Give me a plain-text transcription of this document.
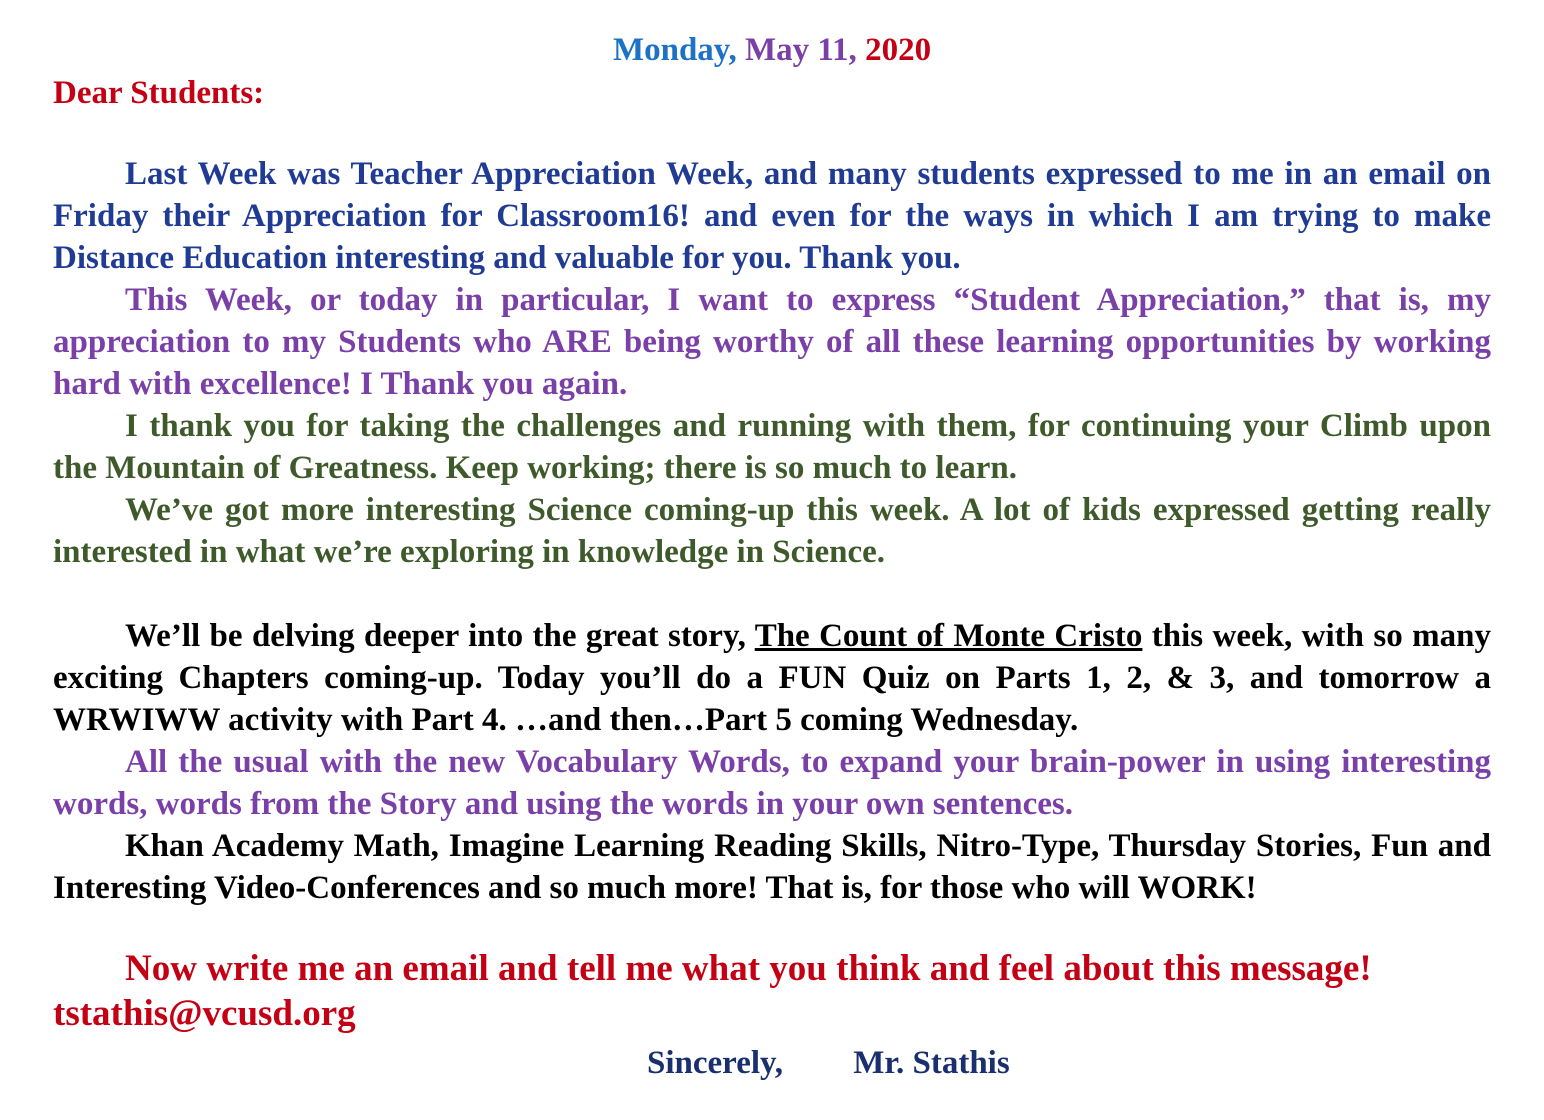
Monday, May 11, 2020
Dear Students:

Last Week was Teacher Appreciation Week, and many students expressed to me in an email on Friday their Appreciation for Classroom16! and even for the ways in which I am trying to make Distance Education interesting and valuable for you. Thank you.

This Week, or today in particular, I want to express “Student Appreciation,” that is, my appreciation to my Students who ARE being worthy of all these learning opportunities by working hard with excellence! I Thank you again.

I thank you for taking the challenges and running with them, for continuing your Climb upon the Mountain of Greatness. Keep working; there is so much to learn.

We’ve got more interesting Science coming-up this week. A lot of kids expressed getting really interested in what we’re exploring in knowledge in Science.

We’ll be delving deeper into the great story, The Count of Monte Cristo this week, with so many exciting Chapters coming-up. Today you’ll do a FUN Quiz on Parts 1, 2, & 3, and tomorrow a WRWIWW activity with Part 4. …and then…Part 5 coming Wednesday.

All the usual with the new Vocabulary Words, to expand your brain-power in using interesting words, words from the Story and using the words in your own sentences.

Khan Academy Math, Imagine Learning Reading Skills, Nitro-Type, Thursday Stories, Fun and Interesting Video-Conferences and so much more! That is, for those who will WORK!

Now write me an email and tell me what you think and feel about this message!

tstathis@vcusd.org

Sincerely, Mr. Stathis
